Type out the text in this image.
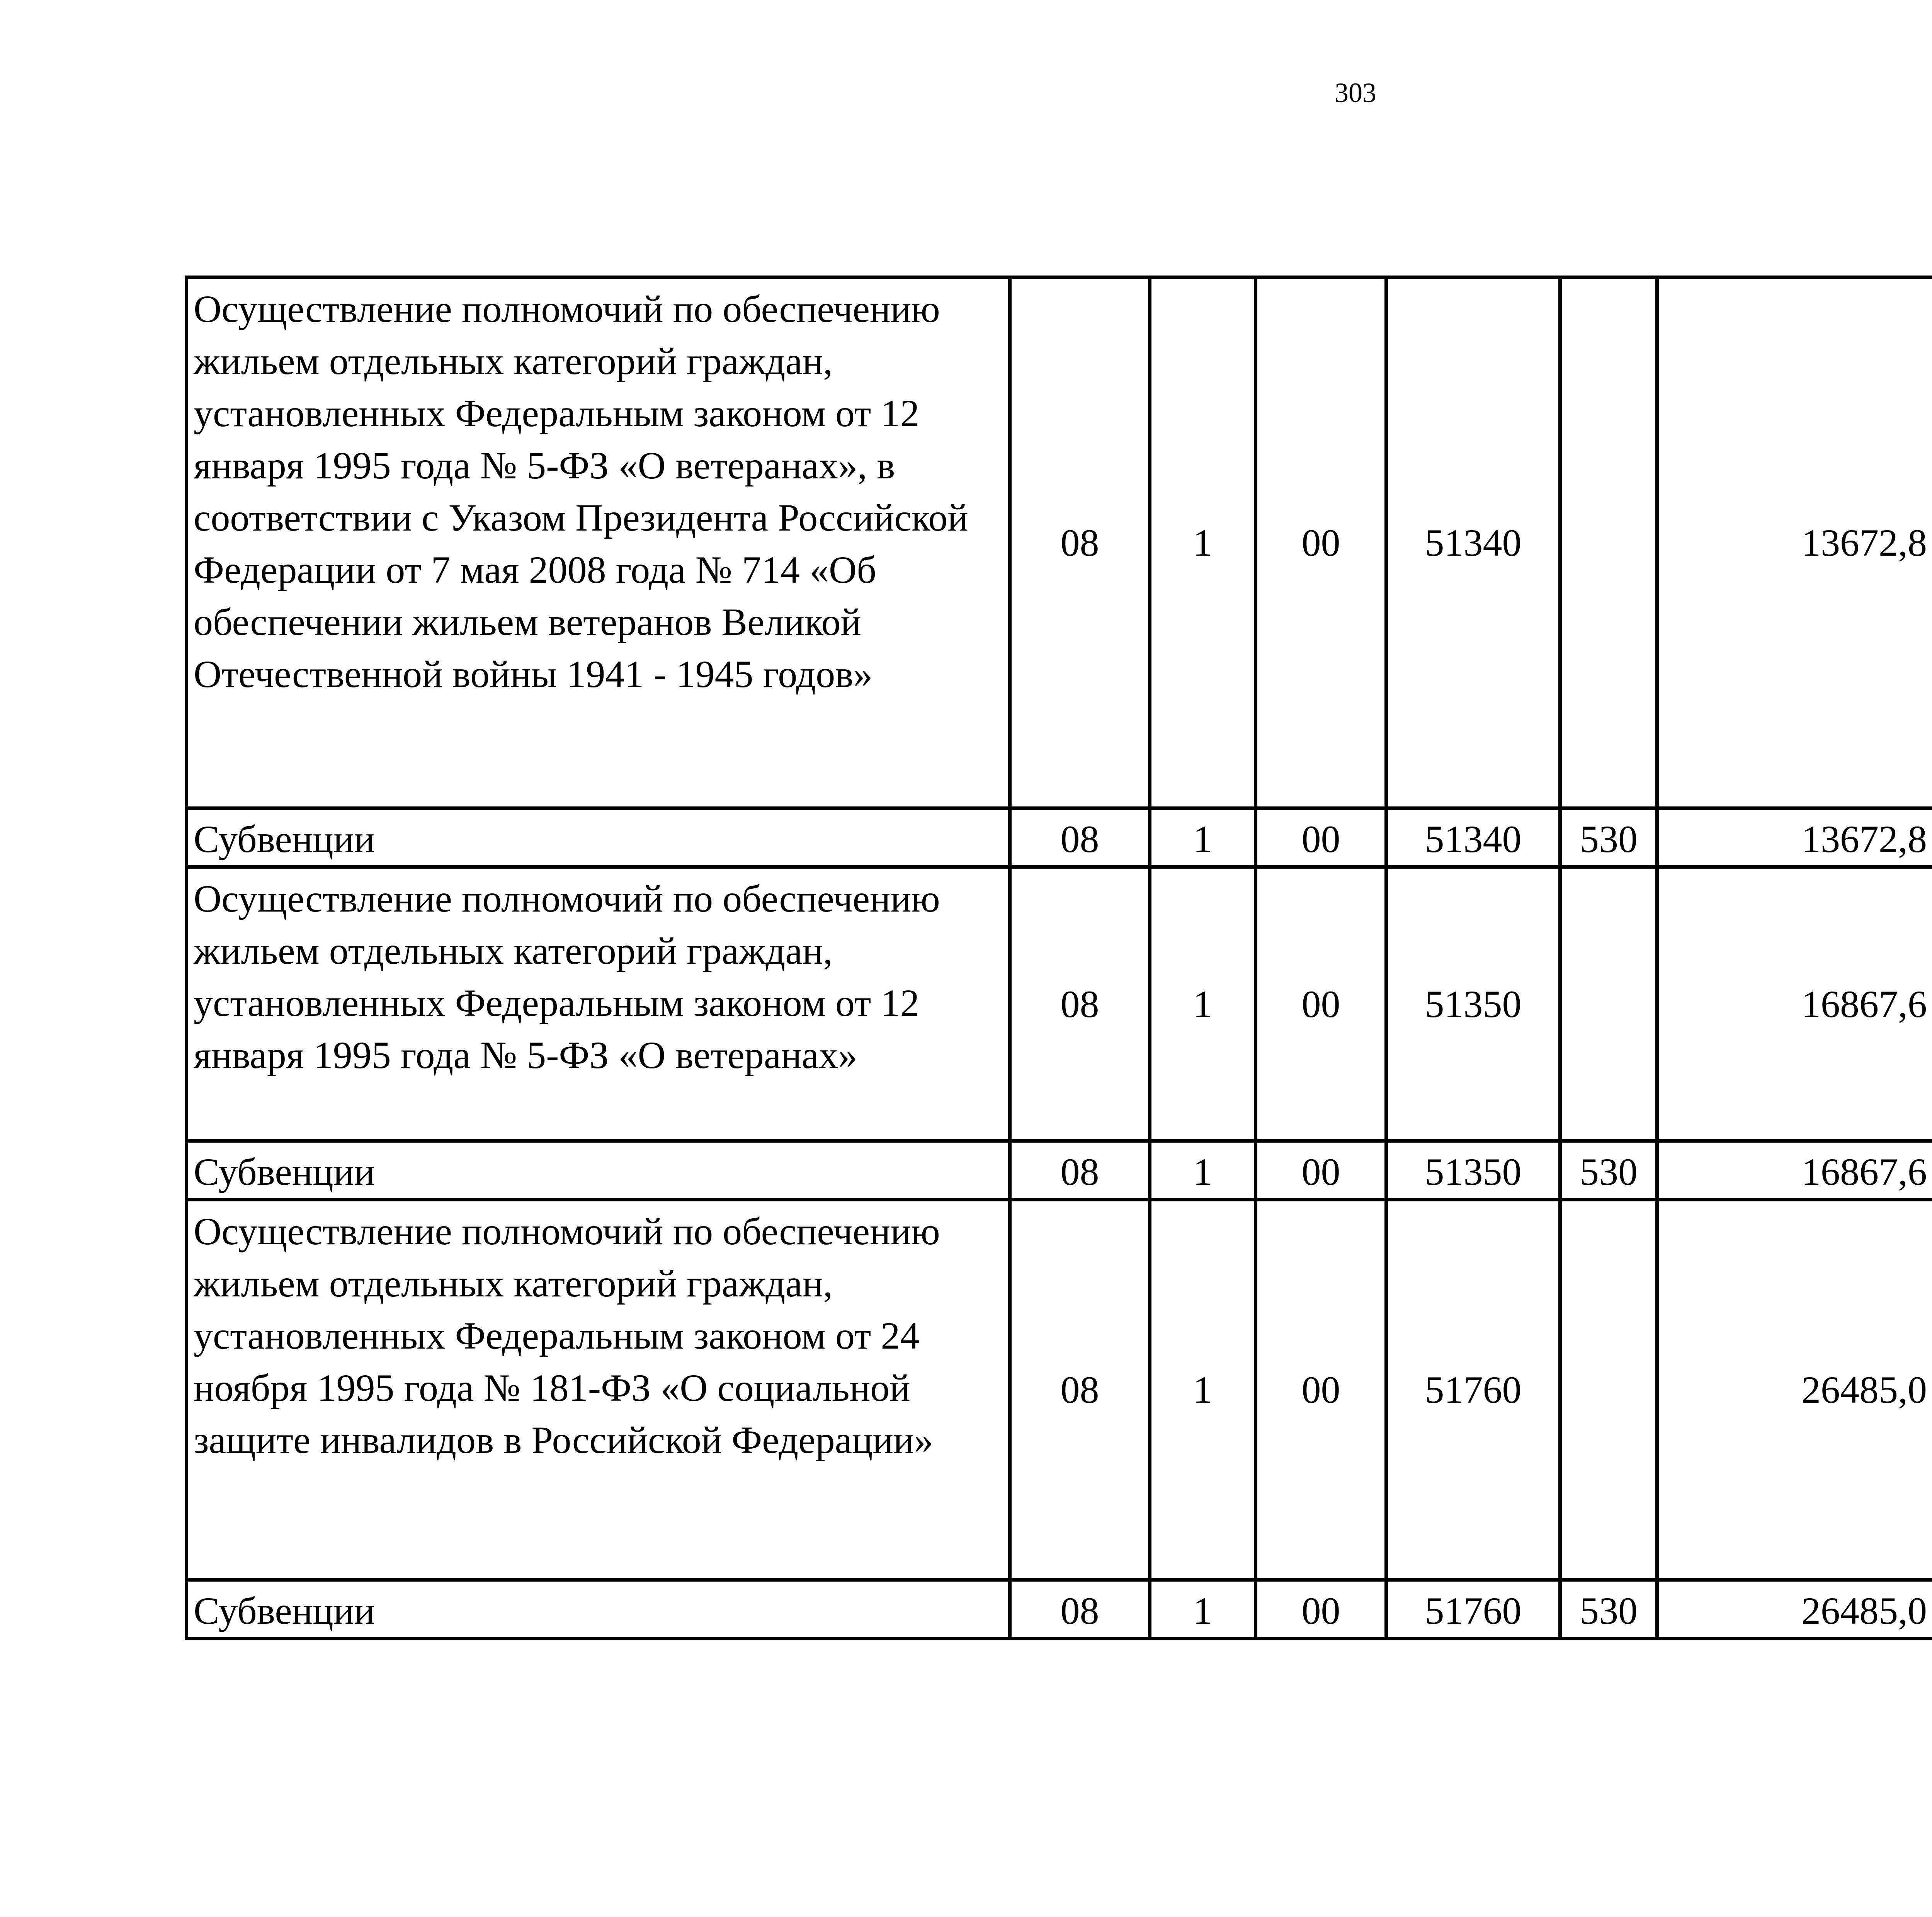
303
Осуществление полномочий по обеспечению жильем отдельных категорий граждан, установленных Федеральным законом от 12 января 1995 года № 5-ФЗ «О ветеранах», в соответствии с Указом Президента Российской Федерации от 7 мая 2008 года № 714 «Об обеспечении жильем ветеранов Великой Отечественной войны 1941 - 1945 годов»	08	1	00	51340		13672,8		
Субвенции	08	1	00	51340	530	13672,8		
Осуществление полномочий по обеспечению жильем отдельных категорий граждан, установленных Федеральным законом от 12 января 1995 года № 5-ФЗ «О ветеранах»	08	1	00	51350		16867,6		
Субвенции	08	1	00	51350	530	16867,6		
Осуществление полномочий по обеспечению жильем отдельных категорий граждан, установленных Федеральным законом от 24 ноября 1995 года № 181-ФЗ «О социальной защите инвалидов в Российской Федерации»	08	1	00	51760		26485,0		
Субвенции	08	1	00	51760	530	26485,0		
